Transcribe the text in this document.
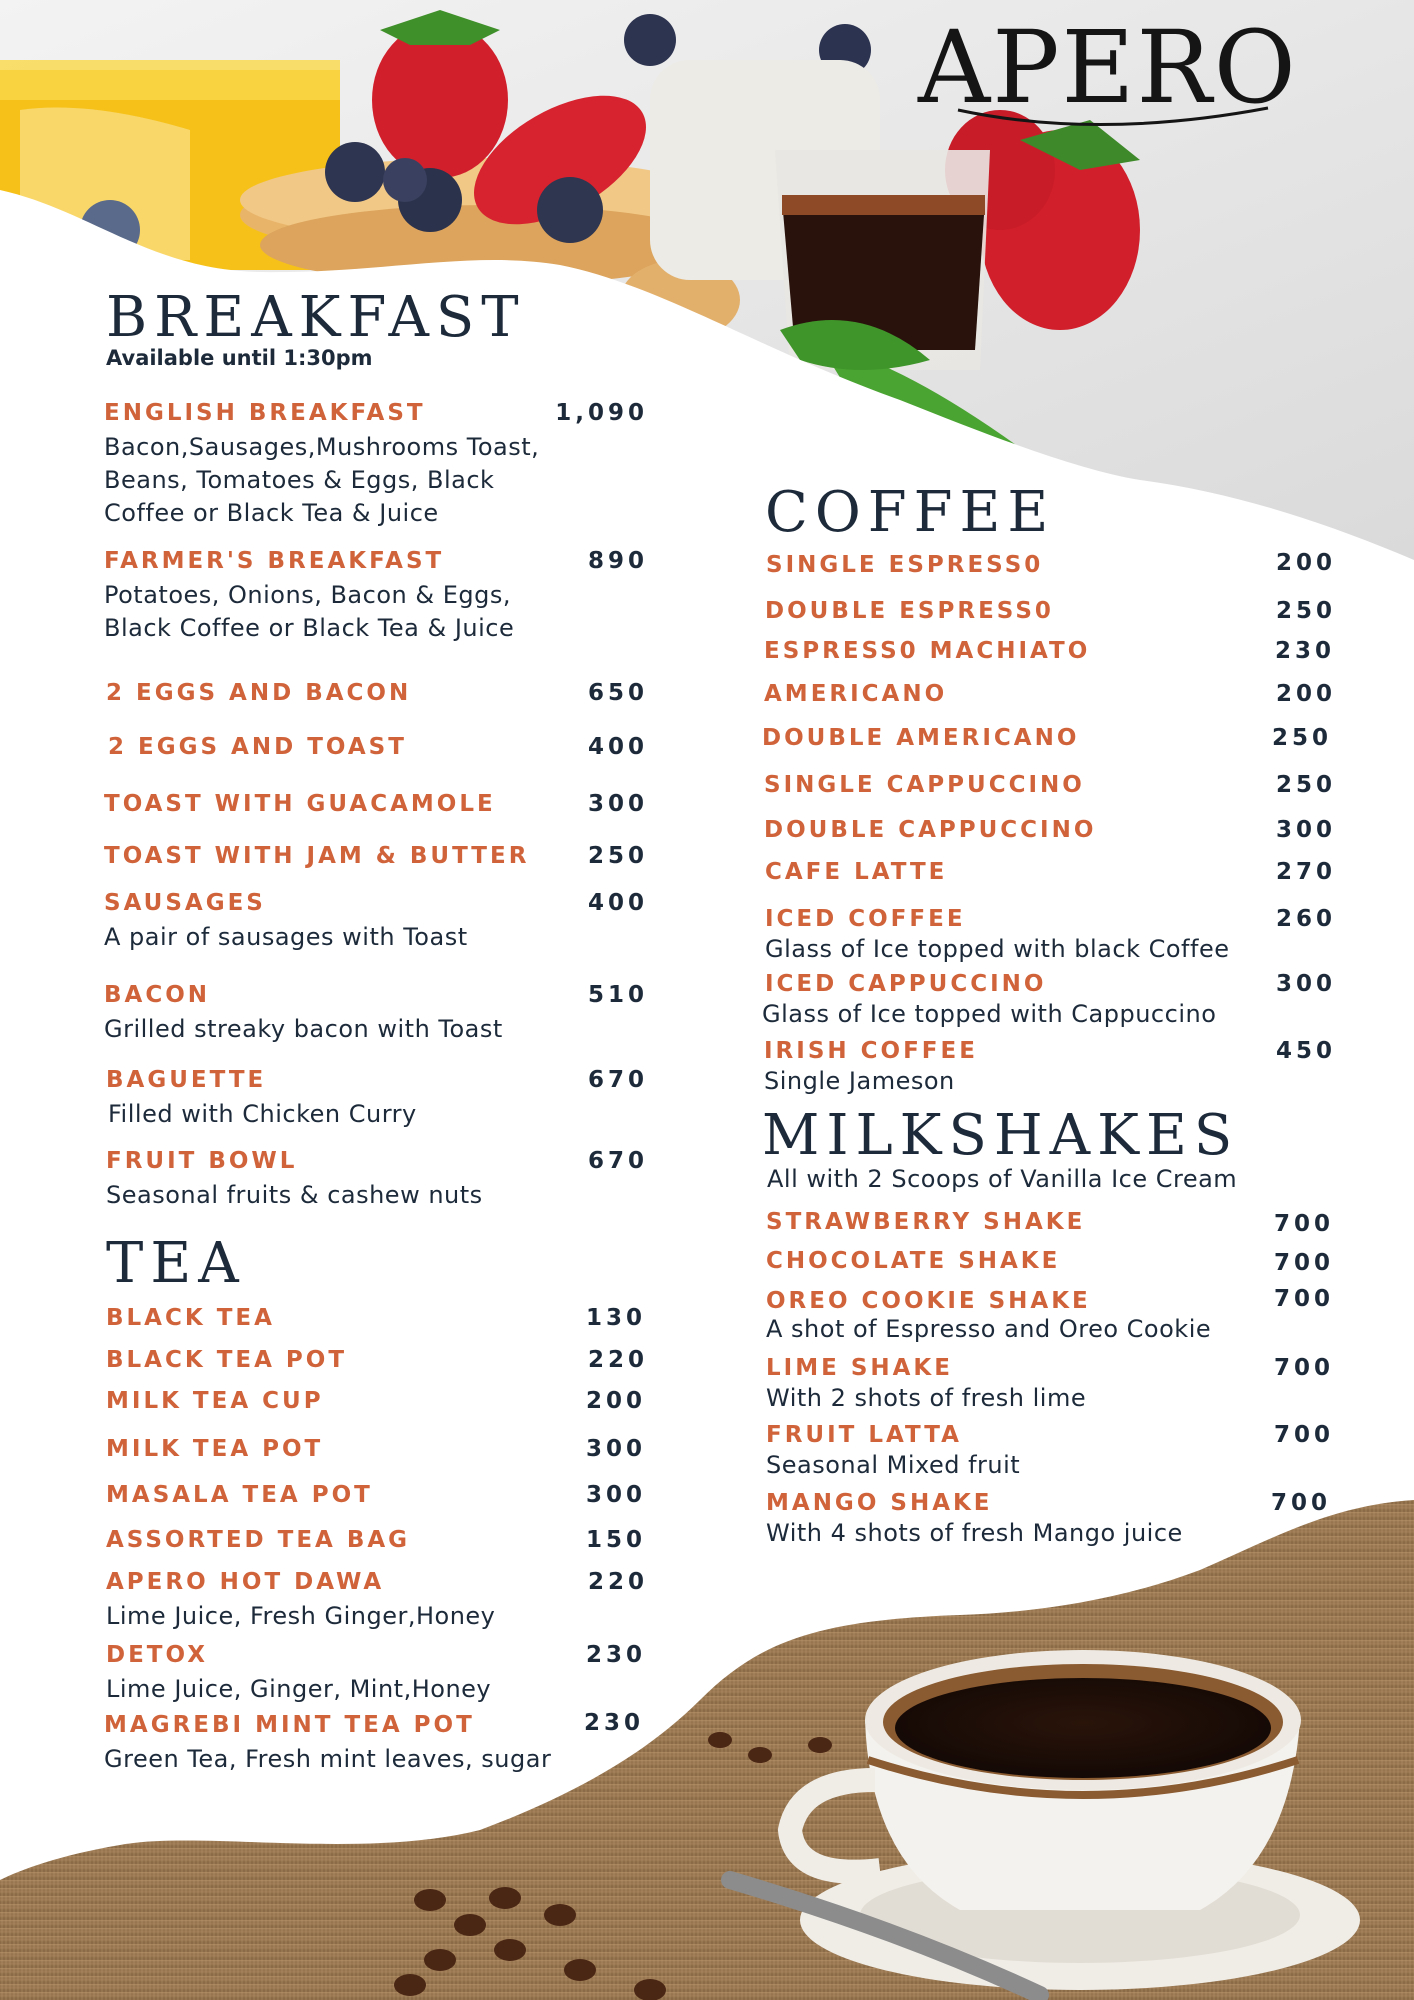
APERO
BREAKFAST
Available until 1:30pm
ENGLISH BREAKFAST	1,090
Bacon,Sausages,Mushrooms Toast,
Beans, Tomatoes & Eggs, Black
Coffee or Black Tea & Juice
FARMER'S BREAKFAST	890
Potatoes, Onions, Bacon & Eggs,
Black Coffee or Black Tea & Juice
2 EGGS AND BACON	650
2 EGGS AND TOAST	400
TOAST WITH GUACAMOLE	300
TOAST WITH JAM & BUTTER	250
SAUSAGES	400
A pair of sausages with Toast
BACON	510
Grilled streaky bacon with Toast
BAGUETTE	670
Filled with Chicken Curry
FRUIT BOWL	670
Seasonal fruits & cashew nuts
TEA
BLACK TEA	130
BLACK TEA POT	220
MILK TEA CUP	200
MILK TEA POT	300
MASALA TEA POT	300
ASSORTED TEA BAG	150
APERO HOT DAWA	220
Lime Juice, Fresh Ginger,Honey
DETOX	230
Lime Juice, Ginger, Mint,Honey
MAGREBI MINT TEA POT	230
Green Tea, Fresh mint leaves, sugar
COFFEE
SINGLE ESPRESS0	200
DOUBLE ESPRESS0	250
ESPRESS0 MACHIATO	230
AMERICANO	200
DOUBLE AMERICANO	250
SINGLE CAPPUCCINO	250
DOUBLE CAPPUCCINO	300
CAFE LATTE	270
ICED COFFEE	260
Glass of Ice topped with black Coffee
ICED CAPPUCCINO	300
Glass of Ice topped with Cappuccino
IRISH COFFEE	450
Single Jameson
MILKSHAKES
All with 2 Scoops of Vanilla Ice Cream
STRAWBERRY SHAKE	700
CHOCOLATE SHAKE	700
OREO COOKIE SHAKE	700
A shot of Espresso and Oreo Cookie
LIME SHAKE	700
With 2 shots of fresh lime
FRUIT LATTA	700
Seasonal Mixed fruit
MANGO SHAKE	700
With 4 shots of fresh Mango juice
